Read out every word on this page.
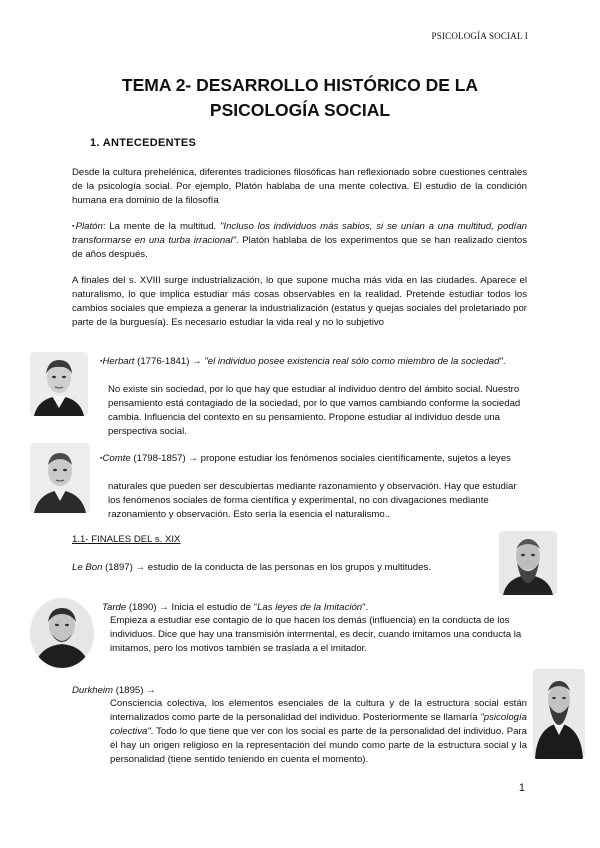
PSICOLOGÍA SOCIAL I
TEMA 2- DESARROLLO HISTÓRICO DE LA
PSICOLOGÍA SOCIAL
1. ANTECEDENTES
Desde la cultura prehelénica, diferentes tradiciones filosóficas han reflexionado sobre cuestiones centrales de la psicología social. Por ejemplo, Platón hablaba de una mente colectiva. El estudio de la condición humana era dominio de la filosofía
▪Platón: La mente de la multitud. "Incluso los individuos más sabios, si se unían a una multitud, podían transformarse en una turba irracional". Platón hablaba de los experimentos que se han realizado cientos de años después.
A finales del s. XVIII surge industrialización, lo que supone mucha más vida en las ciudades. Aparece el naturalismo, lo que implica estudiar más cosas observables en la realidad. Pretende estudiar todos los cambios sociales que empieza a generar la industrialización (estatus y quejas sociales del proletariado por parte de la burguesía). Es necesario estudiar la vida real y no lo subjetivo
▪Herbart (1776-1841) → "el individuo posee existencia real sólo como miembro de la sociedad".
No existe sin sociedad, por lo que hay que estudiar al individuo dentro del ámbito social. Nuestro pensamiento está contagiado de la sociedad, por lo que vamos cambiando conforme la sociedad cambia. Influencia del contexto en su pensamiento. Propone estudiar al individuo desde una perspectiva social.
▪Comte (1798-1857) → propone estudiar los fenómenos sociales científicamente, sujetos a leyes
naturales que pueden ser descubiertas mediante razonamiento y observación. Hay que estudiar los fenómenos sociales de forma científica y experimental, no con divagaciones mediante razonamiento y observación. Esto sería la esencia el naturalismo..
1.1- FINALES DEL s. XIX
Le Bon (1897) → estudio de la conducta de las personas en los grupos y multitudes.
Tarde (1890) → Inicia el estudio de "Las leyes de la Imitación".
Empieza a estudiar ese contagio de lo que hacen los demás (influencia) en la conducta de los individuos. Dice que hay una transmisión intermental, es decir, cuando imitamos una conducta la imitamos, pero los motivos también se traslada a el imitador.
Durkheim (1895) →
Consciencia colectiva, los elementos esenciales de la cultura y de la estructura social están internalizados como parte de la personalidad del individuo. Posteriormente se llamaría "psicología colectiva". Todo lo que tiene que ver con los social es parte de la personalidad del individuo. Para él hay un origen religioso en la representación del mundo como parte de la estructura social y la personalidad (tiene sentido teniendo en cuenta el momento).
1
